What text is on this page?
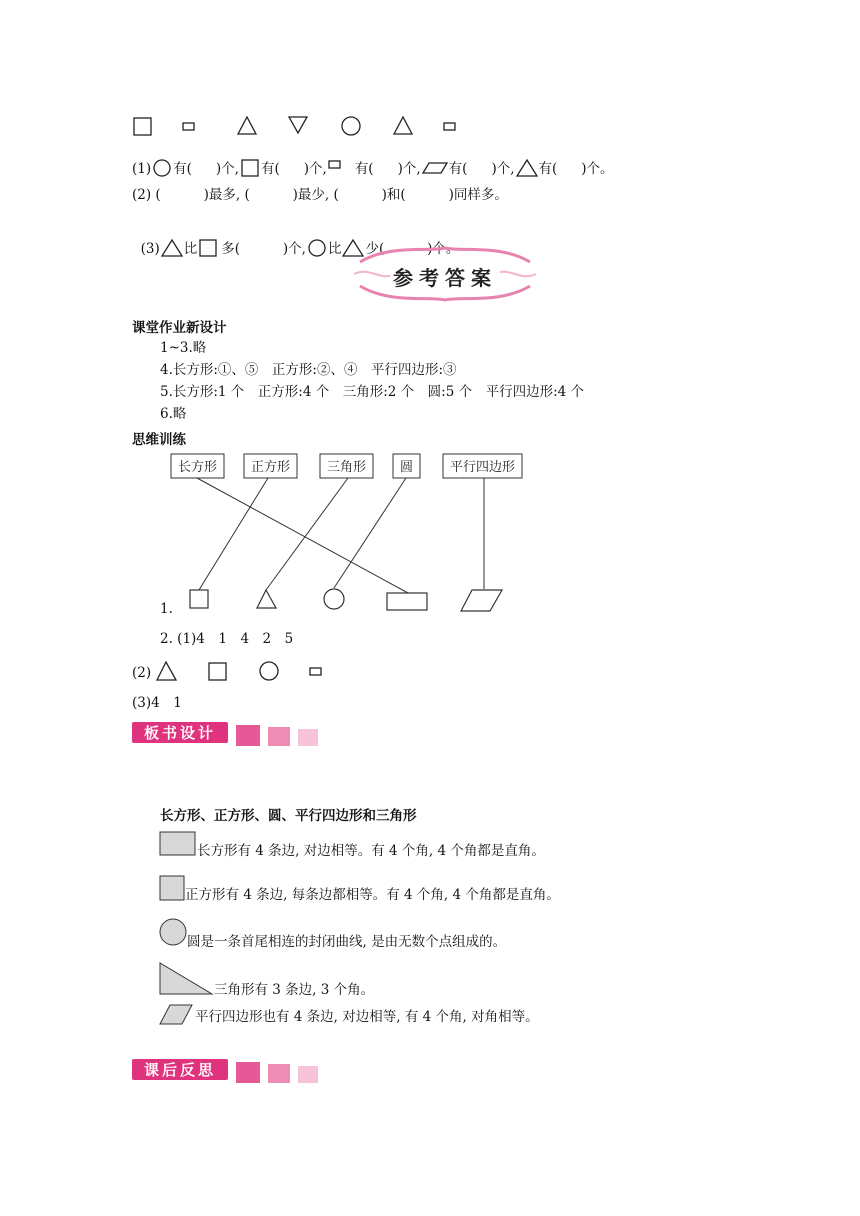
(1) 有( )个, 有( )个, 有( )个, 有( )个, 有( )个。
(2) (          )最多, (          )最少, (          )和(          )同样多。

(3) 比 多(          )个, 比 少(          )个。

参考答案
课堂作业新设计
1~3.略
4.长方形:①、⑤　正方形:②、④　平行四边形:③
5.长方形:1 个　正方形:4 个　三角形:2 个　圆:5 个　平行四边形:4 个
6.略
思维训练
长方形	正方形	三角形	圆	平行四边形
1.
2. (1)4　1　4　2　5
(2)
(3)4　1
板书设计
长方形、正方形、圆、平行四边形和三角形
长方形有 4 条边, 对边相等。有 4 个角, 4 个角都是直角。
正方形有 4 条边, 每条边都相等。有 4 个角, 4 个角都是直角。
圆是一条首尾相连的封闭曲线, 是由无数个点组成的。
三角形有 3 条边, 3 个角。
平行四边形也有 4 条边, 对边相等, 有 4 个角, 对角相等。
课后反思
